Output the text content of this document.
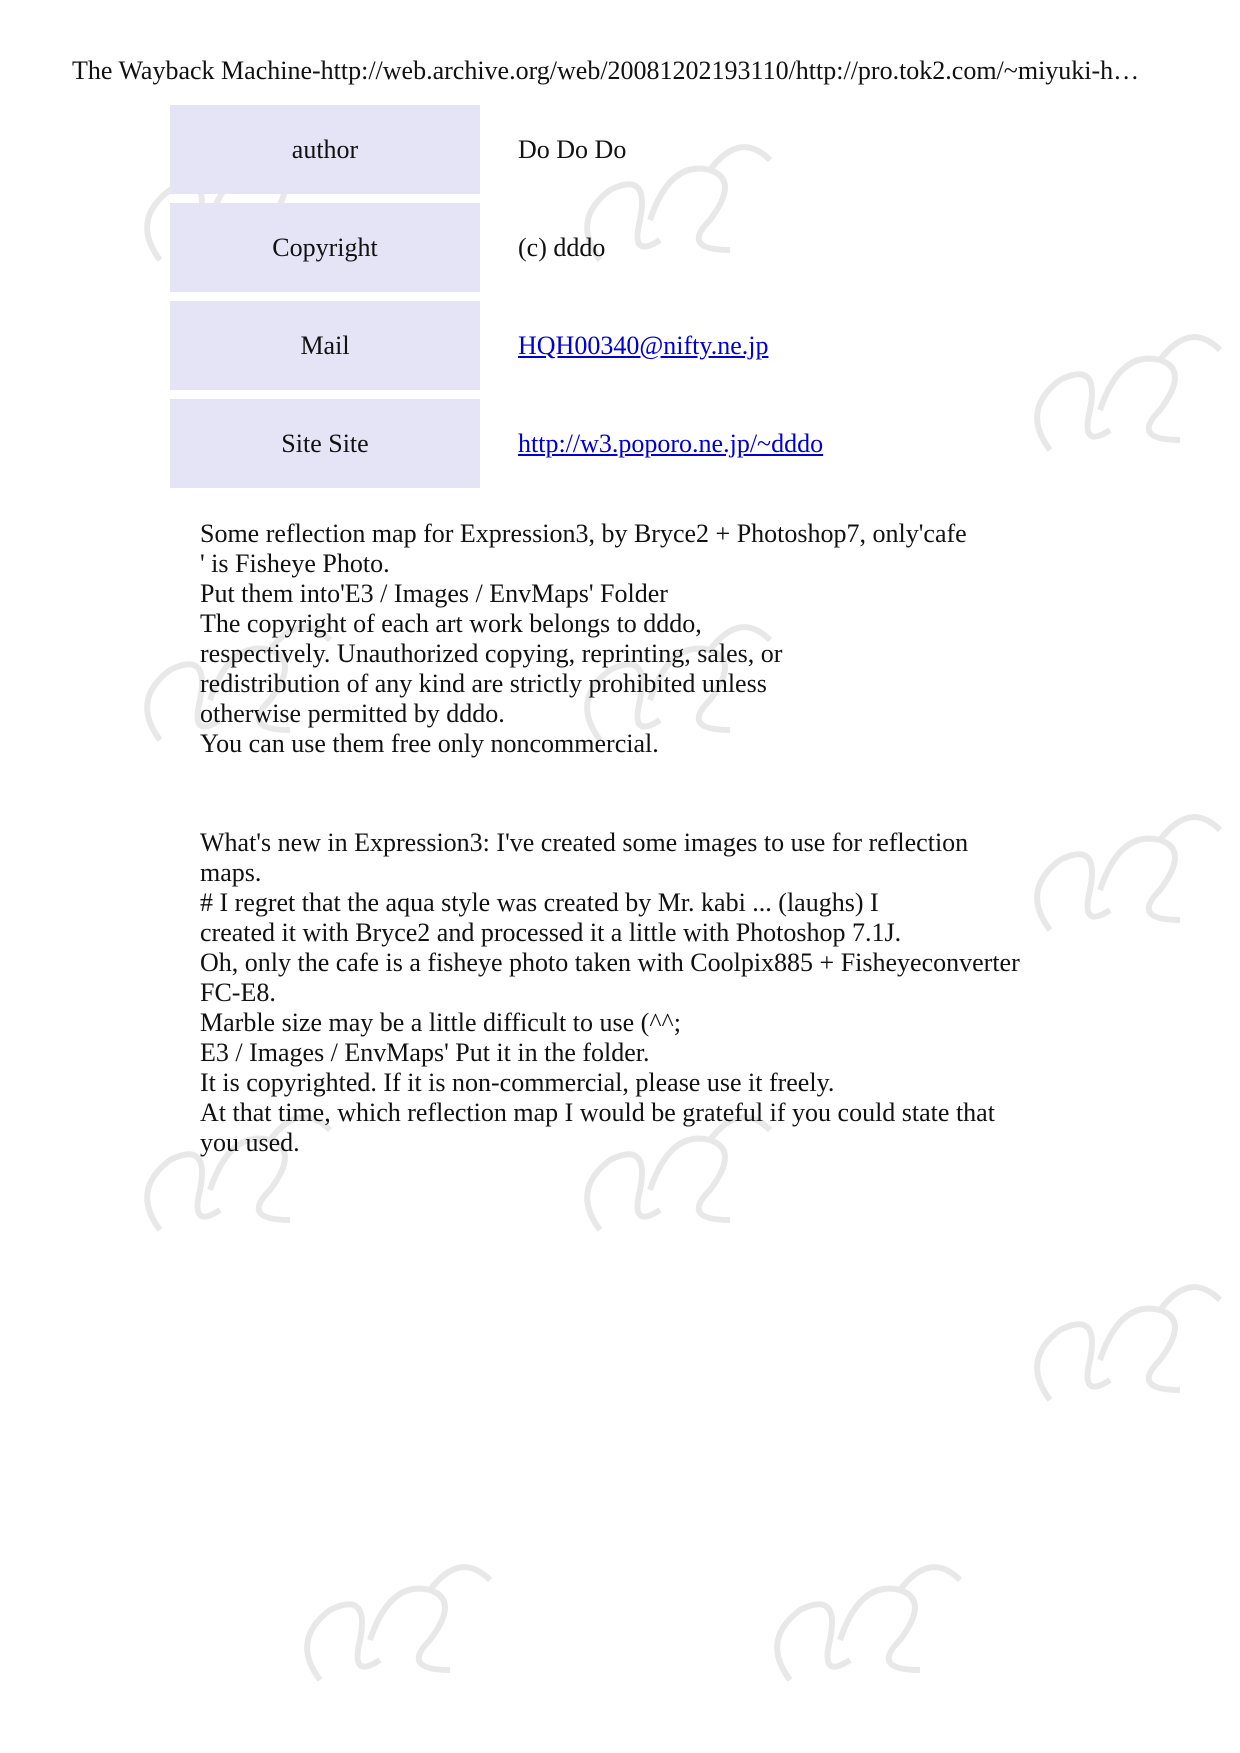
The Wayback Machine-http://web.archive.org/web/20081202193110/http://pro.tok2.com/~miyuki-h…
author	Do Do Do
Copyright	(c) dddo
Mail	HQH00340@nifty.ne.jp
Site Site	http://w3.poporo.ne.jp/~dddo
Some reflection map for Expression3, by Bryce2 + Photoshop7, only'cafe
' is Fisheye Photo.
Put them into'E3 / Images / EnvMaps' Folder
The copyright of each art work belongs to dddo,
respectively. Unauthorized copying, reprinting, sales, or
redistribution of any kind are strictly prohibited unless
otherwise permitted by dddo.
You can use them free only noncommercial.
What's new in Expression3: I've created some images to use for reflection
maps.
# I regret that the aqua style was created by Mr. kabi ... (laughs) I
created it with Bryce2 and processed it a little with Photoshop 7.1J.
Oh, only the cafe is a fisheye photo taken with Coolpix885 + Fisheyeconverter
FC-E8.
Marble size may be a little difficult to use (^^;
E3 / Images / EnvMaps' Put it in the folder.
It is copyrighted. If it is non-commercial, please use it freely.
At that time, which reflection map I would be grateful if you could state that
you used.
